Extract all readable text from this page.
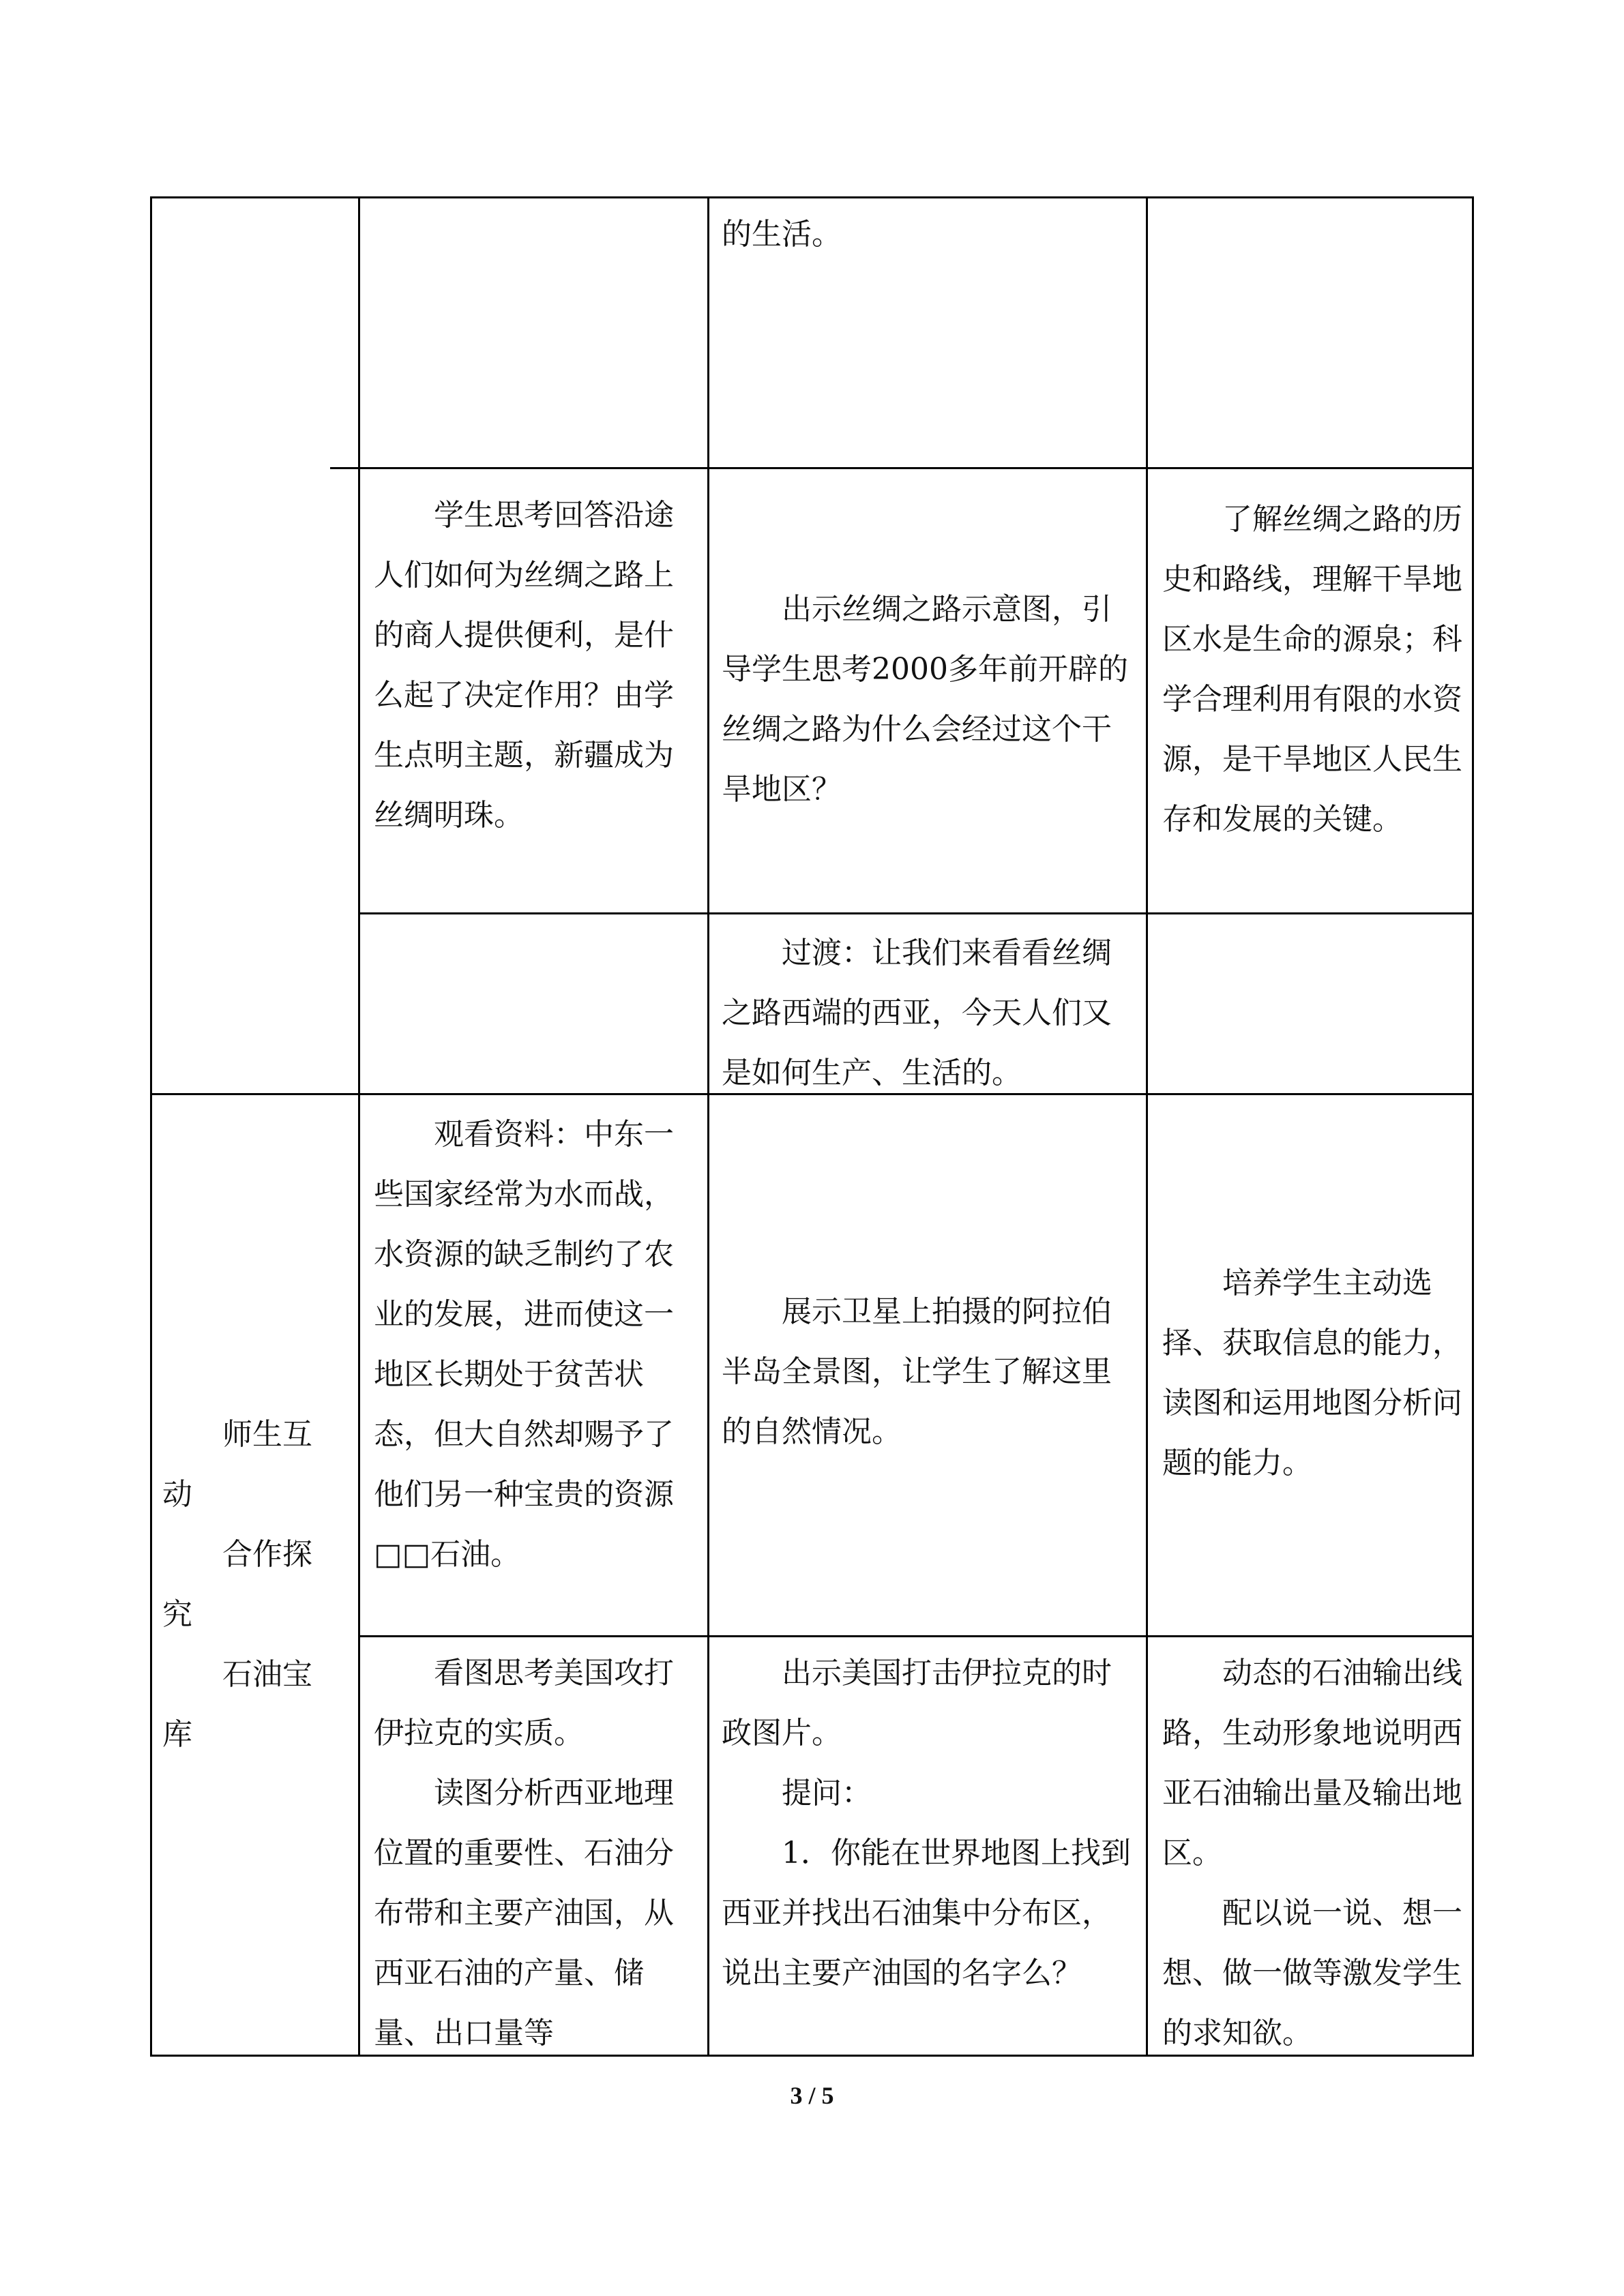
的生活。

学生思考回答沿途人们如何为丝绸之路上的商人提供便利，是什么起了决定作用？由学生点明主题，新疆成为丝绸明珠。

出示丝绸之路示意图，引导学生思考2000多年前开辟的丝绸之路为什么会经过这个干旱地区？

了解丝绸之路的历史和路线，理解干旱地区水是生命的源泉；科学合理利用有限的水资源，是干旱地区人民生存和发展的关键。

过渡：让我们来看看丝绸之路西端的西亚，今天人们又是如何生产、生活的。

师生互

动

合作探

究

石油宝

库

观看资料：中东一些国家经常为水而战，水资源的缺乏制约了农业的发展，进而使这一地区长期处于贫苦状态，但大自然却赐予了他们另一种宝贵的资源□□石油。

展示卫星上拍摄的阿拉伯半岛全景图，让学生了解这里的自然情况。

培养学生主动选择、获取信息的能力，读图和运用地图分析问题的能力。

看图思考美国攻打伊拉克的实质。

读图分析西亚地理位置的重要性、石油分布带和主要产油国，从西亚石油的产量、储量、出口量等

出示美国打击伊拉克的时政图片。

提问：

1．你能在世界地图上找到西亚并找出石油集中分布区，说出主要产油国的名字么？

动态的石油输出线路，生动形象地说明西亚石油输出量及输出地区。

配以说一说、想一想、做一做等激发学生的求知欲。

3 / 5
